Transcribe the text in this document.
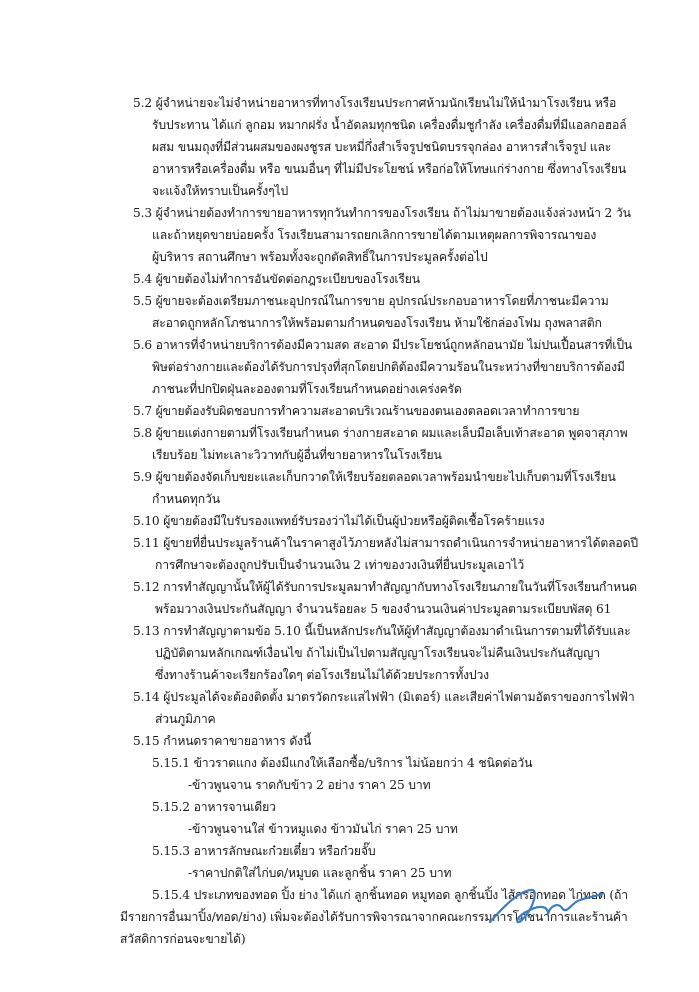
5.2 ผู้จำหน่ายจะไม่จำหน่ายอาหารที่ทางโรงเรียนประกาศห้ามนักเรียนไม่ให้นำมาโรงเรียน หรือ
รับประทาน ได้แก่ ลูกอม หมากฝรั่ง น้ำอัดลมทุกชนิด เครื่องดื่มชูกำลัง เครื่องดื่มที่มีแอลกอฮอล์
ผสม ขนมถุงที่มีส่วนผสมของผงชูรส บะหมี่กึ่งสำเร็จรูปชนิดบรรจุกล่อง อาหารสำเร็จรูป และ
อาหารหรือเครื่องดื่ม หรือ ขนมอื่นๆ ที่ไม่มีประโยชน์ หรือก่อให้โทษแก่ร่างกาย ซึ่งทางโรงเรียน
จะแจ้งให้ทราบเป็นครั้งๆไป
5.3 ผู้จำหน่ายต้องทำการขายอาหารทุกวันทำการของโรงเรียน ถ้าไม่มาขายต้องแจ้งล่วงหน้า 2 วัน
และถ้าหยุดขายบ่อยครั้ง โรงเรียนสามารถยกเลิกการขายได้ตามเหตุผลการพิจารณาของ
ผู้บริหาร สถานศึกษา พร้อมทั้งจะถูกตัดสิทธิ์ในการประมูลครั้งต่อไป
5.4 ผู้ขายต้องไม่ทำการอันขัดต่อกฎระเบียบของโรงเรียน
5.5 ผู้ขายจะต้องเตรียมภาชนะอุปกรณ์ในการขาย อุปกรณ์ประกอบอาหารโดยที่ภาชนะมีความ
สะอาดถูกหลักโภชนาการให้พร้อมตามกำหนดของโรงเรียน ห้ามใช้กล่องโฟม ถุงพลาสติก
5.6 อาหารที่จำหน่ายบริการต้องมีความสด สะอาด มีประโยชน์ถูกหลักอนามัย ไม่ปนเปื้อนสารที่เป็น
พิษต่อร่างกายและต้องได้รับการปรุงที่สุกโดยปกติต้องมีความร้อนในระหว่างที่ขายบริการต้องมี
ภาชนะที่ปกปิดฝุ่นละอองตามที่โรงเรียนกำหนดอย่างเคร่งครัด
5.7 ผู้ขายต้องรับผิดชอบการทำความสะอาดบริเวณร้านของตนเองตลอดเวลาทำการขาย
5.8 ผู้ขายแต่งกายตามที่โรงเรียนกำหนด ร่างกายสะอาด ผมและเล็บมือเล็บเท้าสะอาด พูดจาสุภาพ
เรียบร้อย ไม่ทะเลาะวิวาทกับผู้อื่นที่ขายอาหารในโรงเรียน
5.9 ผู้ขายต้องจัดเก็บขยะและเก็บกวาดให้เรียบร้อยตลอดเวลาพร้อมนำขยะไปเก็บตามที่โรงเรียน
กำหนดทุกวัน
5.10 ผู้ขายต้องมีใบรับรองแพทย์รับรองว่าไม่ได้เป็นผู้ป่วยหรือผู้ติดเชื้อโรคร้ายแรง
5.11 ผู้ขายที่ยื่นประมูลร้านค้าในราคาสูงไว้ภายหลังไม่สามารถดำเนินการจำหน่ายอาหารได้ตลอดปี
การศึกษาจะต้องถูกปรับเป็นจำนวนเงิน 2 เท่าของวงเงินที่ยื่นประมูลเอาไว้
5.12 การทำสัญญานั้นให้ผู้ได้รับการประมูลมาทำสัญญากับทางโรงเรียนภายในวันที่โรงเรียนกำหนด
พร้อมวางเงินประกันสัญญา จำนวนร้อยละ 5 ของจำนวนเงินค่าประมูลตามระเบียบพัสดุ 61
5.13 การทำสัญญาตามข้อ 5.10 นี้เป็นหลักประกันให้ผู้ทำสัญญาต้องมาดำเนินการตามที่ได้รับและ
ปฏิบัติตามหลักเกณฑ์เงื่อนไข ถ้าไม่เป็นไปตามสัญญาโรงเรียนจะไม่คืนเงินประกันสัญญา
ซึ่งทางร้านค้าจะเรียกร้องใดๆ ต่อโรงเรียนไม่ได้ด้วยประการทั้งปวง
5.14 ผู้ประมูลได้จะต้องติดตั้ง มาตรวัดกระแสไฟฟ้า (มิเตอร์) และเสียค่าไฟตามอัตราของการไฟฟ้า
ส่วนภูมิภาค
5.15 กำหนดราคาขายอาหาร ดังนี้
5.15.1 ข้าวราดแกง ต้องมีแกงให้เลือกซื้อ/บริการ ไม่น้อยกว่า 4 ชนิดต่อวัน
-ข้าวพูนจาน ราดกับข้าว 2 อย่าง ราคา 25 บาท
5.15.2 อาหารจานเดียว
-ข้าวพูนจานใส่ ข้าวหมูแดง ข้าวมันไก่ ราคา 25 บาท
5.15.3 อาหารลักษณะก๋วยเตี๋ยว หรือก๋วยจั๊บ
-ราคาปกติใส่ไก่บด/หมูบด และลูกชิ้น ราคา 25 บาท
5.15.4 ประเภทของทอด ปิ้ง ย่าง ได้แก่ ลูกชิ้นทอด หมูทอด ลูกชิ้นปิ้ง ไส้กรอกทอด ไก่ทอด (ถ้า
มีรายการอื่นมาปิ้ง/ทอด/ย่าง) เพิ่มจะต้องได้รับการพิจารณาจากคณะกรรมการโภชนาการและร้านค้า
สวัสดิการก่อนจะขายได้)
